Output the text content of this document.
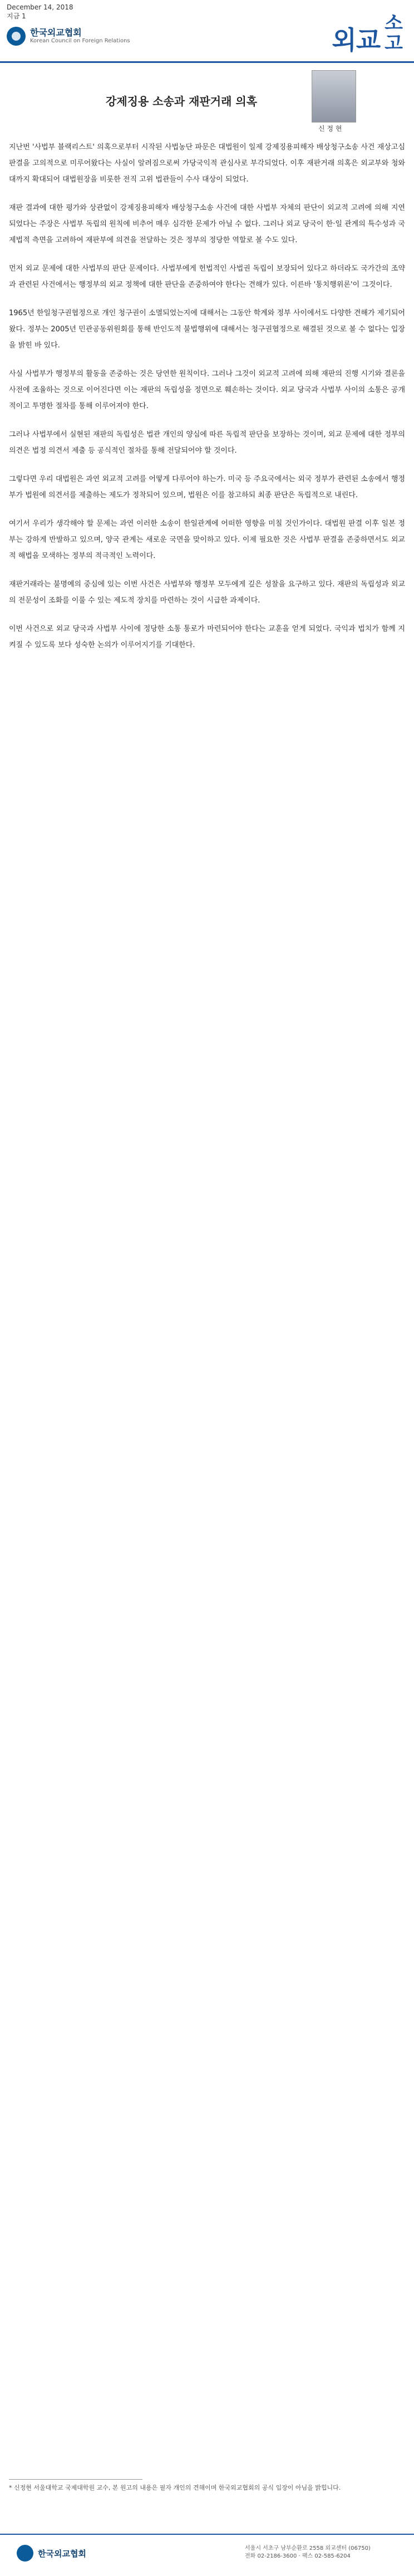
December 14, 2018
지금 1
한국외교협회
Korean Council on Foreign Relations	외교
소
고
강제징용 소송과 재판거래 의혹
신 정 현

지난번 '사법부 블랙리스트' 의혹으로부터 시작된 사법농단 파문은 대법원이 일제 강제징용피해자 배상청구소송 사건 재상고심 판결을 고의적으로 미루어왔다는 사실이 알려짐으로써 가당국익적 관심사로 부각되었다. 이후 재판거래 의혹은 외교부와 청와대까지 확대되어 대법원장을 비롯한 전직 고위 법관들이 수사 대상이 되었다.

재판 결과에 대한 평가와 상관없이 강제징용피해자 배상청구소송 사건에 대한 사법부 자체의 판단이 외교적 고려에 의해 지연되었다는 주장은 사법부 독립의 원칙에 비추어 매우 심각한 문제가 아닐 수 없다. 그러나 외교 당국이 한·일 관계의 특수성과 국제법적 측면을 고려하여 재판부에 의견을 전달하는 것은 정부의 정당한 역할로 볼 수도 있다.

먼저 외교 문제에 대한 사법부의 판단 문제이다. 사법부에게 헌법적인 사법권 독립이 보장되어 있다고 하더라도 국가간의 조약과 관련된 사건에서는 행정부의 외교 정책에 대한 판단을 존중하여야 한다는 견해가 있다. 이른바 '통치행위론'이 그것이다.

1965년 한일청구권협정으로 개인 청구권이 소멸되었는지에 대해서는 그동안 학계와 정부 사이에서도 다양한 견해가 제기되어 왔다. 정부는 2005년 민관공동위원회를 통해 반인도적 불법행위에 대해서는 청구권협정으로 해결된 것으로 볼 수 없다는 입장을 밝힌 바 있다.

사실 사법부가 행정부의 활동을 존중하는 것은 당연한 원칙이다. 그러나 그것이 외교적 고려에 의해 재판의 진행 시기와 결론을 사전에 조율하는 것으로 이어진다면 이는 재판의 독립성을 정면으로 훼손하는 것이다. 외교 당국과 사법부 사이의 소통은 공개적이고 투명한 절차를 통해 이루어져야 한다.

그러나 사법부에서 실현된 재판의 독립성은 법관 개인의 양심에 따른 독립적 판단을 보장하는 것이며, 외교 문제에 대한 정부의 의견은 법정 의견서 제출 등 공식적인 절차를 통해 전달되어야 할 것이다.

그렇다면 우리 대법원은 과연 외교적 고려를 어떻게 다루어야 하는가. 미국 등 주요국에서는 외국 정부가 관련된 소송에서 행정부가 법원에 의견서를 제출하는 제도가 정착되어 있으며, 법원은 이를 참고하되 최종 판단은 독립적으로 내린다.

여기서 우리가 생각해야 할 문제는 과연 이러한 소송이 한일관계에 어떠한 영향을 미칠 것인가이다. 대법원 판결 이후 일본 정부는 강하게 반발하고 있으며, 양국 관계는 새로운 국면을 맞이하고 있다. 이제 필요한 것은 사법부 판결을 존중하면서도 외교적 해법을 모색하는 정부의 적극적인 노력이다.

재판거래라는 불명예의 중심에 있는 이번 사건은 사법부와 행정부 모두에게 깊은 성찰을 요구하고 있다. 재판의 독립성과 외교의 전문성이 조화를 이룰 수 있는 제도적 장치를 마련하는 것이 시급한 과제이다.

이번 사건으로 외교 당국과 사법부 사이에 정당한 소통 통로가 마련되어야 한다는 교훈을 얻게 되었다. 국익과 법치가 함께 지켜질 수 있도록 보다 성숙한 논의가 이루어지기를 기대한다.

* 신정현 서울대학교 국제대학원 교수, 본 원고의 내용은 필자 개인의 견해이며 한국외교협회의 공식 입장이 아님을 밝힙니다.
한국외교협회	서울시 서초구 남부순환로 2558 외교센터 (06750)
전화 02-2186-3600 · 팩스 02-585-6204
